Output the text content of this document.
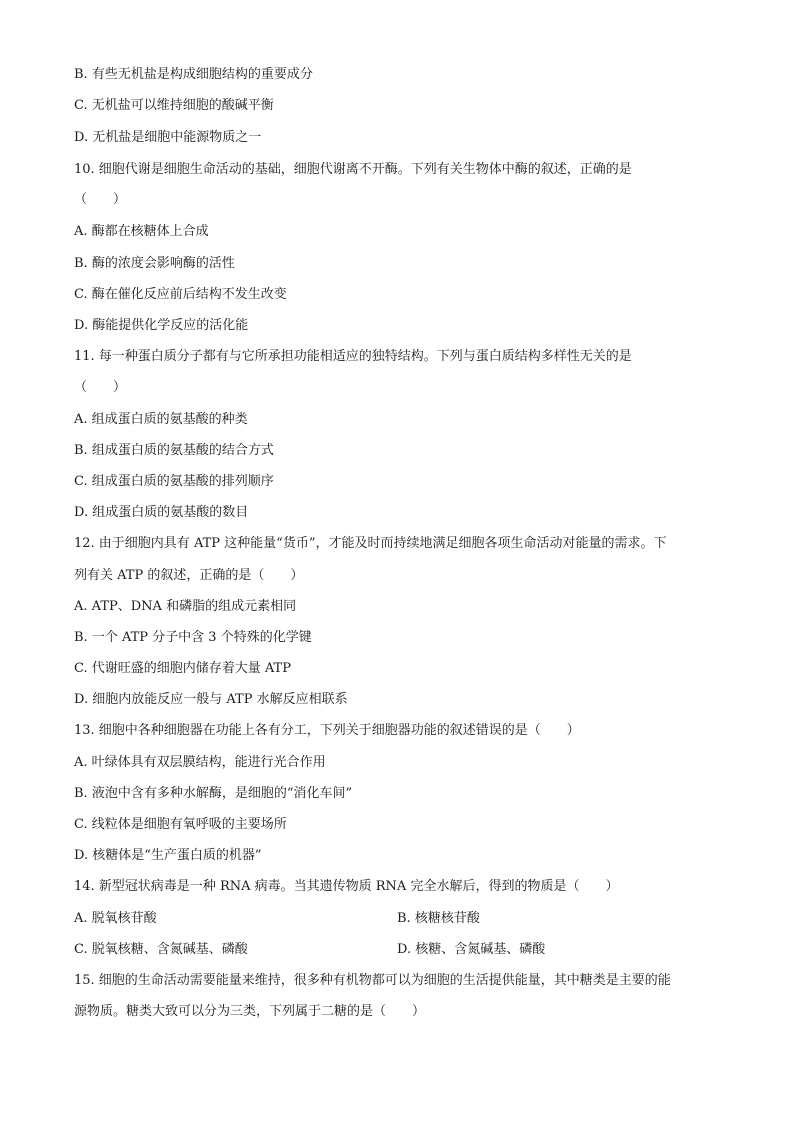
B. 有些无机盐是构成细胞结构的重要成分
C. 无机盐可以维持细胞的酸碱平衡
D. 无机盐是细胞中能源物质之一
10. 细胞代谢是细胞生命活动的基础，细胞代谢离不开酶。下列有关生物体中酶的叙述，正确的是
（　　）
A. 酶都在核糖体上合成
B. 酶的浓度会影响酶的活性
C. 酶在催化反应前后结构不发生改变
D. 酶能提供化学反应的活化能
11. 每一种蛋白质分子都有与它所承担功能相适应的独特结构。下列与蛋白质结构多样性无关的是
（　　）
A. 组成蛋白质的氨基酸的种类
B. 组成蛋白质的氨基酸的结合方式
C. 组成蛋白质的氨基酸的排列顺序
D. 组成蛋白质的氨基酸的数目
12. 由于细胞内具有 ATP 这种能量“货币”，才能及时而持续地满足细胞各项生命活动对能量的需求。下
列有关 ATP 的叙述，正确的是（　　）
A. ATP、DNA 和磷脂的组成元素相同
B. 一个 ATP 分子中含 3 个特殊的化学键
C. 代谢旺盛的细胞内储存着大量 ATP
D. 细胞内放能反应一般与 ATP 水解反应相联系
13. 细胞中各种细胞器在功能上各有分工，下列关于细胞器功能的叙述错误的是（　　）
A. 叶绿体具有双层膜结构，能进行光合作用
B. 液泡中含有多种水解酶，是细胞的“消化车间”
C. 线粒体是细胞有氧呼吸的主要场所
D. 核糖体是“生产蛋白质的机器”
14. 新型冠状病毒是一种 RNA 病毒。当其遗传物质 RNA 完全水解后，得到的物质是（　　）
A. 脱氧核苷酸	B. 核糖核苷酸
C. 脱氧核糖、含氮碱基、磷酸	D. 核糖、含氮碱基、磷酸
15. 细胞的生命活动需要能量来维持，很多种有机物都可以为细胞的生活提供能量，其中糖类是主要的能
源物质。糖类大致可以分为三类，下列属于二糖的是（　　）
